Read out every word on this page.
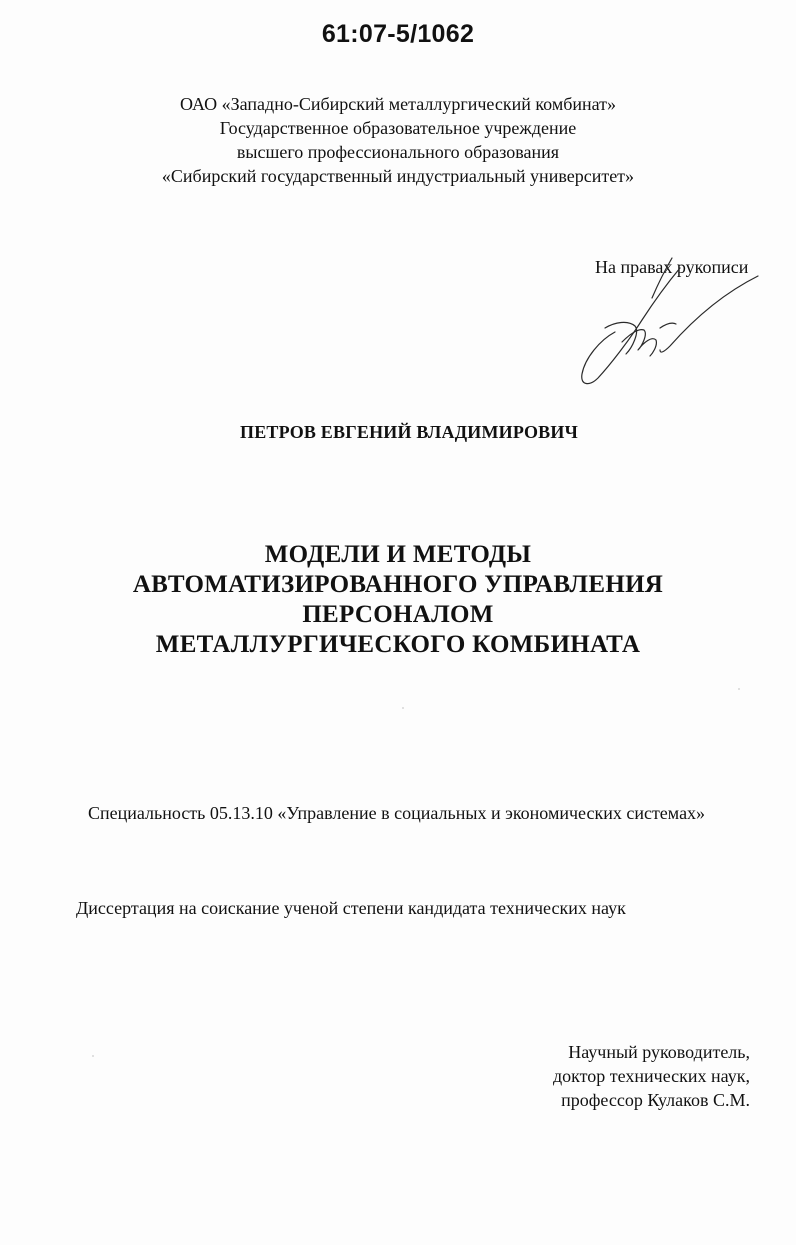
61:07-5/1062
ОАО «Западно-Сибирский металлургический комбинат»
Государственное образовательное учреждение
высшего профессионального образования
«Сибирский государственный индустриальный университет»
На правах рукописи
ПЕТРОВ ЕВГЕНИЙ ВЛАДИМИРОВИЧ
МОДЕЛИ И МЕТОДЫ
АВТОМАТИЗИРОВАННОГО УПРАВЛЕНИЯ
ПЕРСОНАЛОМ
МЕТАЛЛУРГИЧЕСКОГО КОМБИНАТА
Специальность 05.13.10 «Управление в социальных и экономических системах»
Диссертация на соискание ученой степени кандидата технических наук
Научный руководитель,
доктор технических наук,
профессор Кулаков С.М.
